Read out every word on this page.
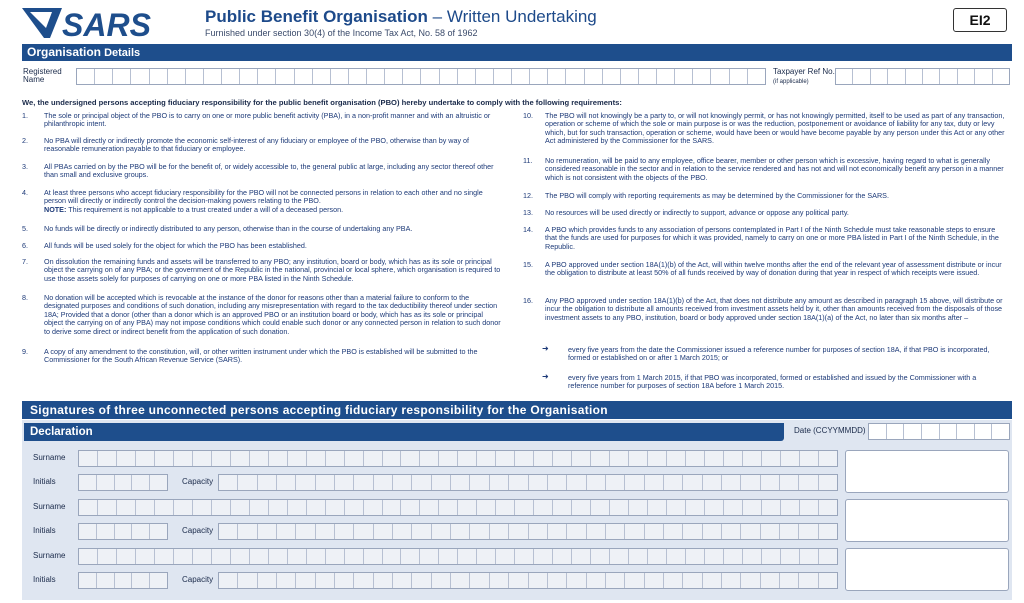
SARS	Public Benefit Organisation – Written Undertaking
Furnished under section 30(4) of the Income Tax Act, No. 58 of 1962
EI2
Organisation Details
Registered
Name
Taxpayer Ref No.
(if applicable)
We, the undersigned persons accepting fiduciary responsibility for the public benefit organisation (PBO) hereby undertake to comply with the following requirements:
1. The sole or principal object of the PBO is to carry on one or more public benefit activity (PBA), in a non-profit manner and with an altruistic or philanthropic intent.
2. No PBA will directly or indirectly promote the economic self-interest of any fiduciary or employee of the PBO, otherwise than by way of reasonable remuneration payable to that fiduciary or employee.
3. All PBAs carried on by the PBO will be for the benefit of, or widely accessible to, the general public at large, including any sector thereof other than small and exclusive groups.
4. At least three persons who accept fiduciary responsibility for the PBO will not be connected persons in relation to each other and no single person will directly or indirectly control the decision-making powers relating to the PBO.
NOTE: This requirement is not applicable to a trust created under a will of a deceased person.
5. No funds will be directly or indirectly distributed to any person, otherwise than in the course of undertaking any PBA.
6. All funds will be used solely for the object for which the PBO has been established.
7. On dissolution the remaining funds and assets will be transferred to any PBO; any institution, board or body, which has as its sole or principal object the carrying on of any PBA; or the government of the Republic in the national, provincial or local sphere, which organisation is required to use those assets solely for purposes of carrying on one or more PBA listed in the Ninth Schedule.
8. No donation will be accepted which is revocable at the instance of the donor for reasons other than a material failure to conform to the designated purposes and conditions of such donation, including any misrepresentation with regard to the tax deductibility thereof under section 18A; Provided that a donor (other than a donor which is an approved PBO or an institution board or body, which has as its sole or principal object the carrying on of any PBA) may not impose conditions which could enable such donor or any connected person in relation to such donor to derive some direct or indirect benefit from the application of such donation.
9. A copy of any amendment to the constitution, will, or other written instrument under which the PBO is established will be submitted to the Commissioner for the South African Revenue Service (SARS).
10. The PBO will not knowingly be a party to, or will not knowingly permit, or has not knowingly permitted, itself to be used as part of any transaction, operation or scheme of which the sole or main purpose is or was the reduction, postponement or avoidance of liability for any tax, duty or levy which, but for such transaction, operation or scheme, would have been or would have become payable by any person under this Act or any other Act administered by the Commissioner for the SARS.
11. No remuneration, will be paid to any employee, office bearer, member or other person which is excessive, having regard to what is generally considered reasonable in the sector and in relation to the service rendered and has not and will not economically benefit any person in a manner which is not consistent with the objects of the PBO.
12. The PBO will comply with reporting requirements as may be determined by the Commissioner for the SARS.
13. No resources will be used directly or indirectly to support, advance or oppose any political party.
14. A PBO which provides funds to any association of persons contemplated in Part I of the Ninth Schedule must take reasonable steps to ensure that the funds are used for purposes for which it was provided, namely to carry on one or more PBA listed in Part I of the Ninth Schedule, in the Republic.
15. A PBO approved under section 18A(1)(b) of the Act, will within twelve months after the end of the relevant year of assessment distribute or incur the obligation to distribute at least 50% of all funds received by way of donation during that year in respect of which receipts were issued.
16. Any PBO approved under section 18A(1)(b) of the Act, that does not distribute any amount as described in paragraph 15 above, will distribute or incur the obligation to distribute all amounts received from investment assets held by it, other than amounts received from the disposals of those investment assets to any PBO, institution, board or body approved under section 18A(1)(a) of the Act, no later than six months after –
➜	every five years from the date the Commissioner issued a reference number for purposes of section 18A, if that PBO is incorporated, formed or established on or after 1 March 2015; or
➜	every five years from 1 March 2015, if that PBO was incorporated, formed or established and issued by the Commissioner with a reference number for purposes of section 18A before 1 March 2015.
Signatures of three unconnected persons accepting fiduciary responsibility for the Organisation
Declaration	Date (CCYYMMDD)
Surname
Initials	Capacity
Surname
Initials	Capacity
Surname
Initials	Capacity
